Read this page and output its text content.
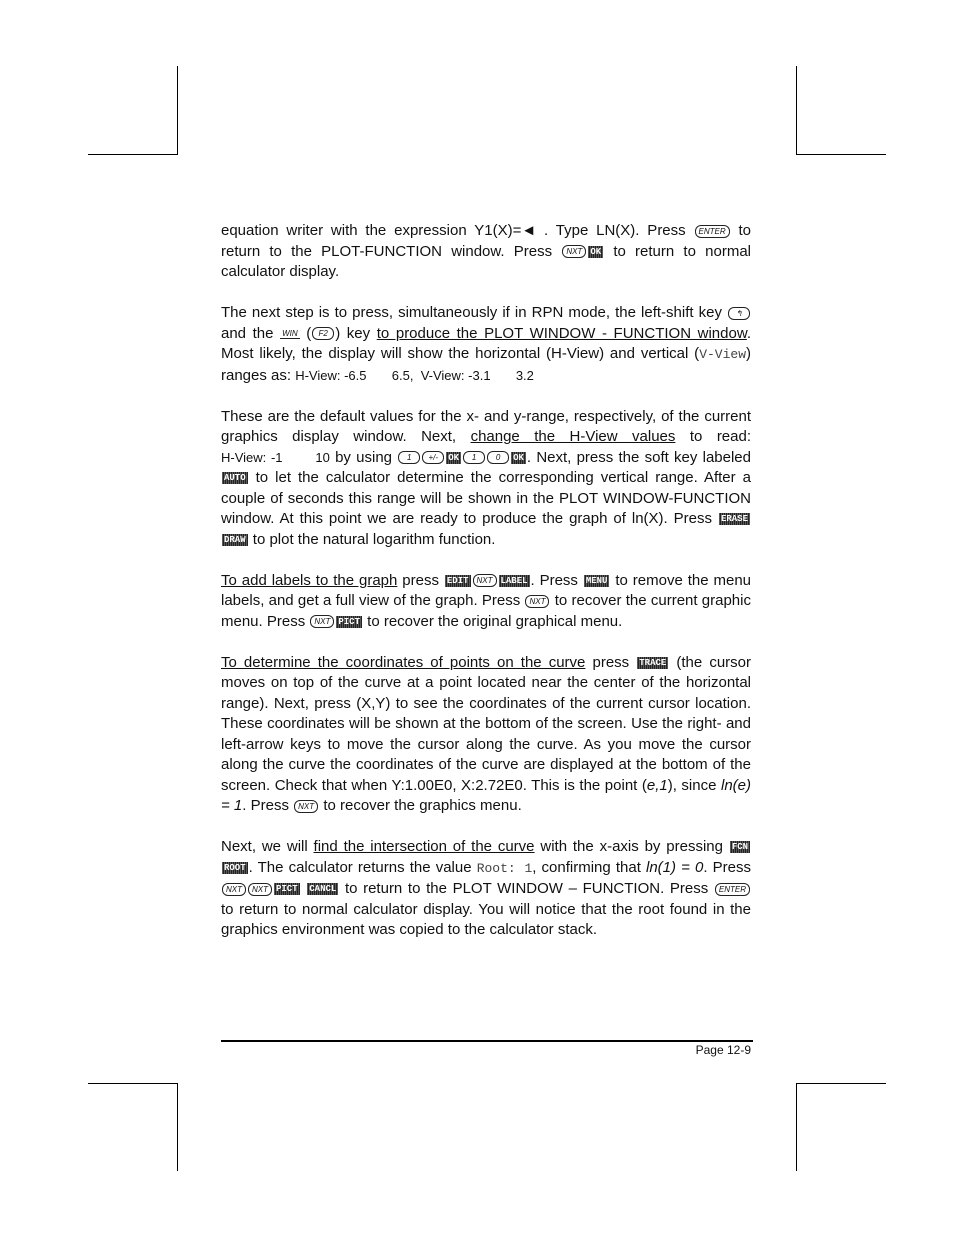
equation writer with the expression Y1(X)=◄ . Type LN(X). Press ENTER to return to the PLOT-FUNCTION window. Press NXT OK to return to normal calculator display.

The next step is to press, simultaneously if in RPN mode, the left-shift key ↰ and the WIN ( F2 ) key to produce the PLOT WINDOW - FUNCTION window. Most likely, the display will show the horizontal (H-View) and vertical (V-View) ranges as: H-View: -6.5       6.5,  V-View: -3.1       3.2

These are the default values for the x- and y-range, respectively, of the current graphics display window. Next, change the H-View values to read: H-View: -1       10 by using 1 +/- OK 1 0 OK . Next, press the soft key labeled AUTO to let the calculator determine the corresponding vertical range. After a couple of seconds this range will be shown in the PLOT WINDOW-FUNCTION window. At this point we are ready to produce the graph of ln(X). Press ERASE DRAW to plot the natural logarithm function.

To add labels to the graph press EDIT NXT LABEL . Press MENU to remove the menu labels, and get a full view of the graph. Press NXT to recover the current graphic menu. Press NXT PICT to recover the original graphical menu.

To determine the coordinates of points on the curve press TRACE (the cursor moves on top of the curve at a point located near the center of the horizontal range). Next, press (X,Y) to see the coordinates of the current cursor location. These coordinates will be shown at the bottom of the screen. Use the right- and left-arrow keys to move the cursor along the curve. As you move the cursor along the curve the coordinates of the curve are displayed at the bottom of the screen. Check that when Y:1.00E0, X:2.72E0. This is the point (e,1), since ln(e) = 1. Press NXT to recover the graphics menu.

Next, we will find the intersection of the curve with the x-axis by pressing FCN ROOT . The calculator returns the value Root: 1, confirming that ln(1) = 0. Press NXT NXT PICT CANCL to return to the PLOT WINDOW – FUNCTION. Press ENTER to return to normal calculator display. You will notice that the root found in the graphics environment was copied to the calculator stack.

Page 12-9
